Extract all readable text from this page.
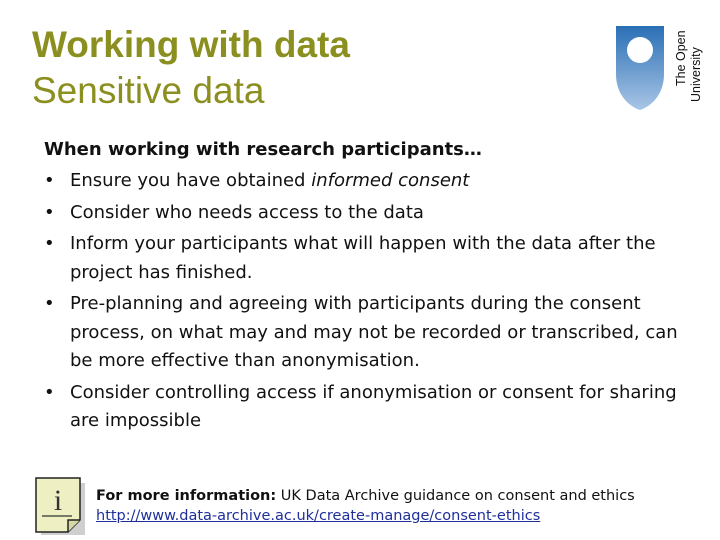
Working with data
Sensitive data
The Open University
When working with research participants…
• Ensure you have obtained informed consent
• Consider who needs access to the data
• Inform your participants what will happen with the data after the project has finished.
• Pre-planning and agreeing with participants during the consent process, on what may and may not be recorded or transcribed, can be more effective than anonymisation.
• Consider controlling access if anonymisation or consent for sharing are impossible
i For more information: UK Data Archive guidance on consent and ethics
http://www.data-archive.ac.uk/create-manage/consent-ethics
